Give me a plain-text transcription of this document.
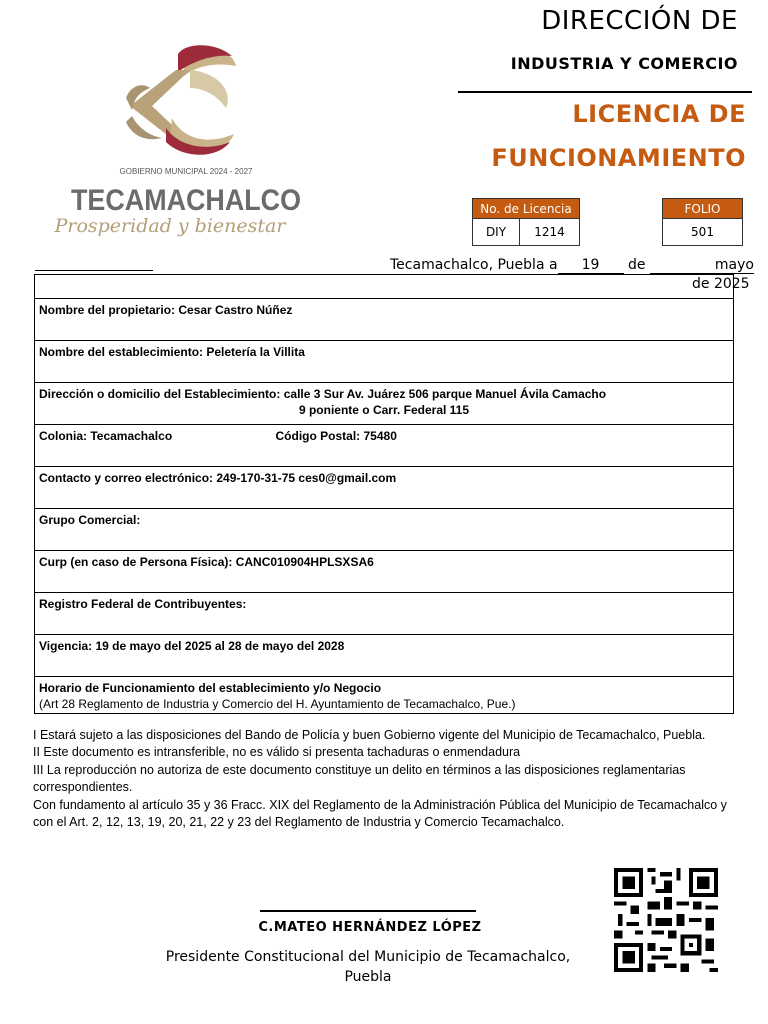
GOBIERNO MUNICIPAL 2024 - 2027
TECAMACHALCO
Prosperidad y bienestar
DIRECCIÓN DE
INDUSTRIA Y COMERCIO
LICENCIA DE
FUNCIONAMIENTO
No. de Licencia
DIY	1214
FOLIO
501
Tecamachalco, Puebla a 19 de	mayo
de 2025
Nombre del propietario: Cesar Castro Núñez
Nombre del establecimiento: Peletería la Villita
Dirección o domicilio del Establecimiento: calle 3 Sur Av. Juárez 506 parque Manuel Ávila Camacho
9 poniente o Carr. Federal 115
Colonia: Tecamachalco	Código Postal: 75480
Contacto y correo electrónico: 249-170-31-75 ces0@gmail.com
Grupo Comercial:
Curp (en caso de Persona Física): CANC010904HPLSXSA6
Registro Federal de Contribuyentes:
Vigencia: 19 de mayo del 2025 al 28 de mayo del 2028
Horario de Funcionamiento del establecimiento y/o Negocio
(Art 28 Reglamento de Industria y Comercio del H. Ayuntamiento de Tecamachalco, Pue.)
I Estará sujeto a las disposiciones del Bando de Policía y buen Gobierno vigente del Municipio de Tecamachalco, Puebla.
II Este documento es intransferible, no es válido si presenta tachaduras o enmendadura
III La reproducción no autoriza de este documento constituye un delito en términos a las disposiciones reglamentarias correspondientes.
Con fundamento al artículo 35 y 36 Fracc. XIX del Reglamento de la Administración Pública del Municipio de Tecamachalco y con el Art. 2, 12, 13, 19, 20, 21, 22 y 23 del Reglamento de Industria y Comercio Tecamachalco.
C.MATEO HERNÁNDEZ LÓPEZ
Presidente Constitucional del Municipio de Tecamachalco, Puebla
